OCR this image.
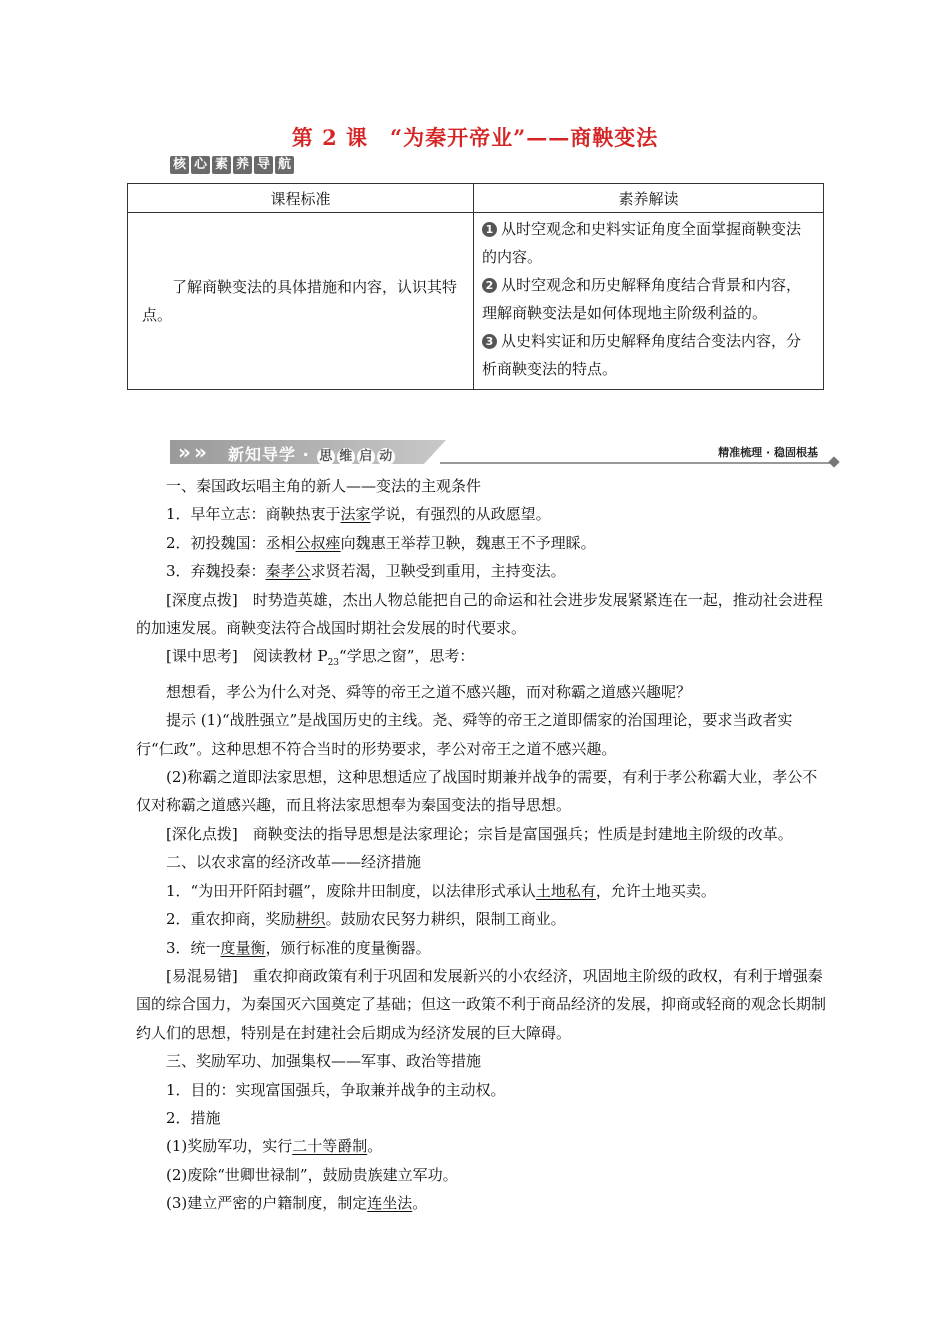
第 2 课　“为秦开帝业”——商鞅变法
核 心 素 养 导 航
课程标准	素养解读

了解商鞅变法的具体措施和内容，认识其特点。	1 从时空观念和史料实证角度全面掌握商鞅变法的内容。
2 从时空观念和历史解释角度结合背景和内容，理解商鞅变法是如何体现地主阶级利益的。
3 从史料实证和历史解释角度结合变法内容，分析商鞅变法的特点。
» » 新知导学 · 思 维 启 动	精准梳理 · 稳固根基

一、秦国政坛唱主角的新人——变法的主观条件

1．早年立志：商鞅热衷于法家学说，有强烈的从政愿望。

2．初投魏国：丞相公叔痤向魏惠王举荐卫鞅，魏惠王不予理睬。

3．弃魏投秦：秦孝公求贤若渴，卫鞅受到重用，主持变法。

[深度点拨]　时势造英雄，杰出人物总能把自己的命运和社会进步发展紧紧连在一起，推动社会进程的加速发展。商鞅变法符合战国时期社会发展的时代要求。

[课中思考]　阅读教材 $P_{23}“$学思之窗”，思考：

想想看，孝公为什么对尧、舜等的帝王之道不感兴趣，而对称霸之道感兴趣呢？

提示 (1)“战胜强立”是战国历史的主线。尧、舜等的帝王之道即儒家的治国理论，要求当政者实行“仁政”。这种思想不符合当时的形势要求，孝公对帝王之道不感兴趣。

(2)称霸之道即法家思想，这种思想适应了战国时期兼并战争的需要，有利于孝公称霸大业，孝公不仅对称霸之道感兴趣，而且将法家思想奉为秦国变法的指导思想。

[深化点拨]　商鞅变法的指导思想是法家理论；宗旨是富国强兵；性质是封建地主阶级的改革。

二、以农求富的经济改革——经济措施

1．“为田开阡陌封疆”，废除井田制度，以法律形式承认土地私有，允许土地买卖。

2．重农抑商，奖励耕织。鼓励农民努力耕织，限制工商业。

3．统一度量衡，颁行标准的度量衡器。

[易混易错]　重农抑商政策有利于巩固和发展新兴的小农经济，巩固地主阶级的政权，有利于增强秦国的综合国力，为秦国灭六国奠定了基础；但这一政策不利于商品经济的发展，抑商或轻商的观念长期制约人们的思想，特别是在封建社会后期成为经济发展的巨大障碍。

三、奖励军功、加强集权——军事、政治等措施

1．目的：实现富国强兵，争取兼并战争的主动权。

2．措施

(1)奖励军功，实行二十等爵制。

(2)废除“世卿世禄制”，鼓励贵族建立军功。

(3)建立严密的户籍制度，制定连坐法。
